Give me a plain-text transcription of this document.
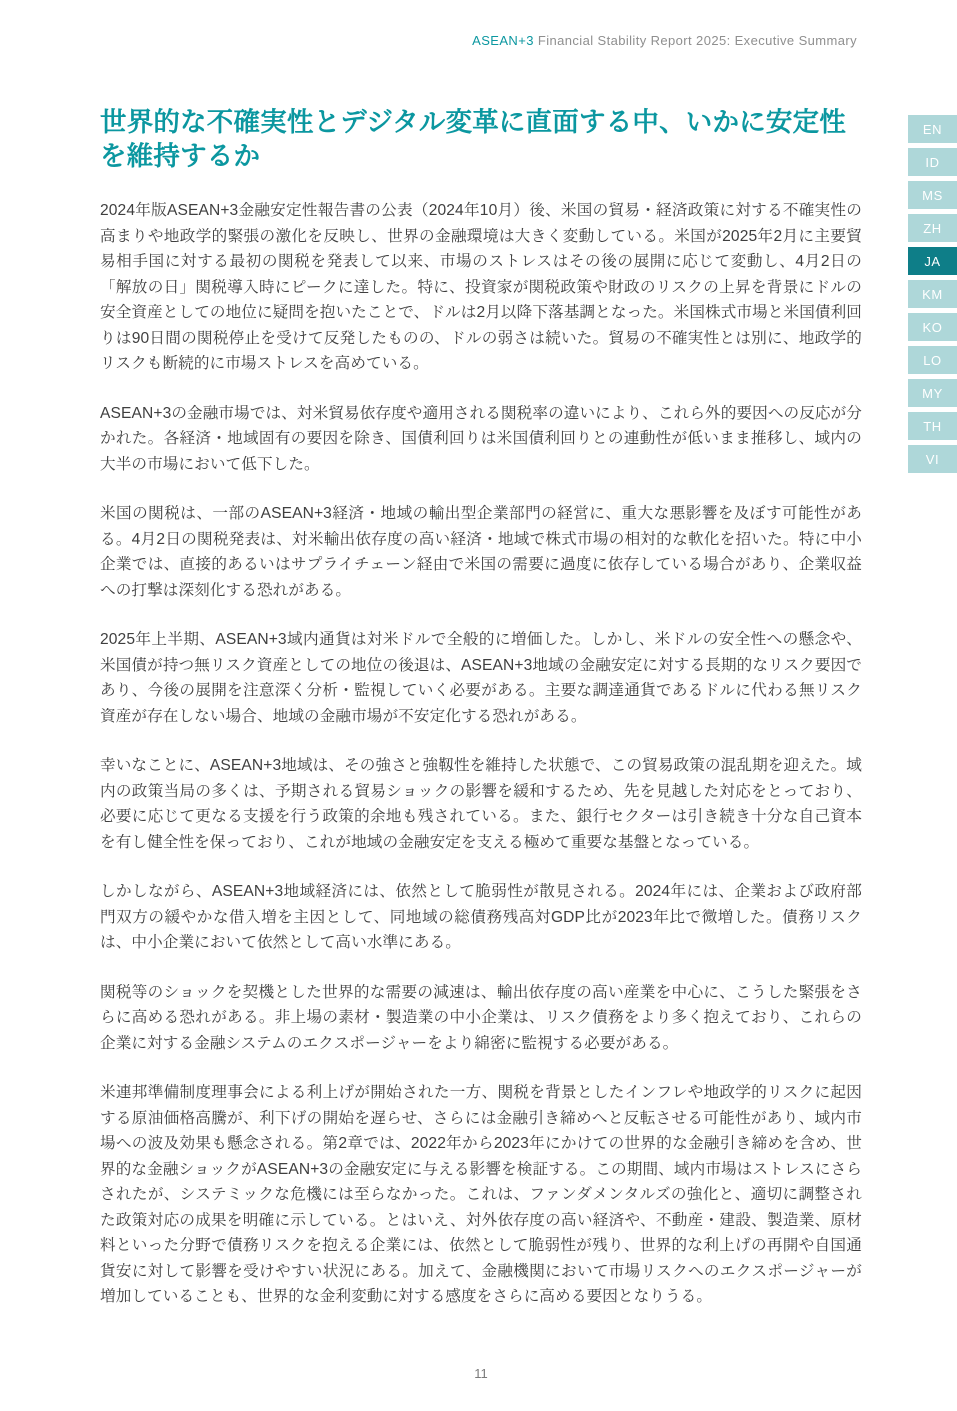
ASEAN+3 Financial Stability Report 2025: Executive Summary
EN
ID
MS
ZH
JA
KM
KO
LO
MY
TH
VI
世界的な不確実性とデジタル変革に直面する中、いかに安定性を維持するか

2024年版ASEAN+3金融安定性報告書の公表（2024年10月）後、米国の貿易・経済政策に対する不確実性の高まりや地政学的緊張の激化を反映し、世界の金融環境は大きく変動している。米国が2025年2月に主要貿易相手国に対する最初の関税を発表して以来、市場のストレスはその後の展開に応じて変動し、4月2日の「解放の日」関税導入時にピークに達した。特に、投資家が関税政策や財政のリスクの上昇を背景にドルの安全資産としての地位に疑問を抱いたことで、ドルは2月以降下落基調となった。米国株式市場と米国債利回りは90日間の関税停止を受けて反発したものの、ドルの弱さは続いた。貿易の不確実性とは別に、地政学的リスクも断続的に市場ストレスを高めている。

ASEAN+3の金融市場では、対米貿易依存度や適用される関税率の違いにより、これら外的要因への反応が分かれた。各経済・地域固有の要因を除き、国債利回りは米国債利回りとの連動性が低いまま推移し、域内の大半の市場において低下した。

米国の関税は、一部のASEAN+3経済・地域の輸出型企業部門の経営に、重大な悪影響を及ぼす可能性がある。4月2日の関税発表は、対米輸出依存度の高い経済・地域で株式市場の相対的な軟化を招いた。特に中小企業では、直接的あるいはサプライチェーン経由で米国の需要に過度に依存している場合があり、企業収益への打撃は深刻化する恐れがある。

2025年上半期、ASEAN+3域内通貨は対米ドルで全般的に増価した。しかし、米ドルの安全性への懸念や、米国債が持つ無リスク資産としての地位の後退は、ASEAN+3地域の金融安定に対する長期的なリスク要因であり、今後の展開を注意深く分析・監視していく必要がある。主要な調達通貨であるドルに代わる無リスク資産が存在しない場合、地域の金融市場が不安定化する恐れがある。

幸いなことに、ASEAN+3地域は、その強さと強靱性を維持した状態で、この貿易政策の混乱期を迎えた。域内の政策当局の多くは、予期される貿易ショックの影響を緩和するため、先を見越した対応をとっており、必要に応じて更なる支援を行う政策的余地も残されている。また、銀行セクターは引き続き十分な自己資本を有し健全性を保っており、これが地域の金融安定を支える極めて重要な基盤となっている。

しかしながら、ASEAN+3地域経済には、依然として脆弱性が散見される。2024年には、企業および政府部門双方の緩やかな借入増を主因として、同地域の総債務残高対GDP比が2023年比で微増した。債務リスクは、中小企業において依然として高い水準にある。

関税等のショックを契機とした世界的な需要の減速は、輸出依存度の高い産業を中心に、こうした緊張をさらに高める恐れがある。非上場の素材・製造業の中小企業は、リスク債務をより多く抱えており、これらの企業に対する金融システムのエクスポージャーをより綿密に監視する必要がある。

米連邦準備制度理事会による利上げが開始された一方、関税を背景としたインフレや地政学的リスクに起因する原油価格高騰が、利下げの開始を遅らせ、さらには金融引き締めへと反転させる可能性があり、域内市場への波及効果も懸念される。第2章では、2022年から2023年にかけての世界的な金融引き締めを含め、世界的な金融ショックがASEAN+3の金融安定に与える影響を検証する。この期間、域内市場はストレスにさらされたが、システミックな危機には至らなかった。これは、ファンダメンタルズの強化と、適切に調整された政策対応の成果を明確に示している。とはいえ、対外依存度の高い経済や、不動産・建設、製造業、原材料といった分野で債務リスクを抱える企業には、依然として脆弱性が残り、世界的な利上げの再開や自国通貨安に対して影響を受けやすい状況にある。加えて、金融機関において市場リスクへのエクスポージャーが増加していることも、世界的な金利変動に対する感度をさらに高める要因となりうる。

11
